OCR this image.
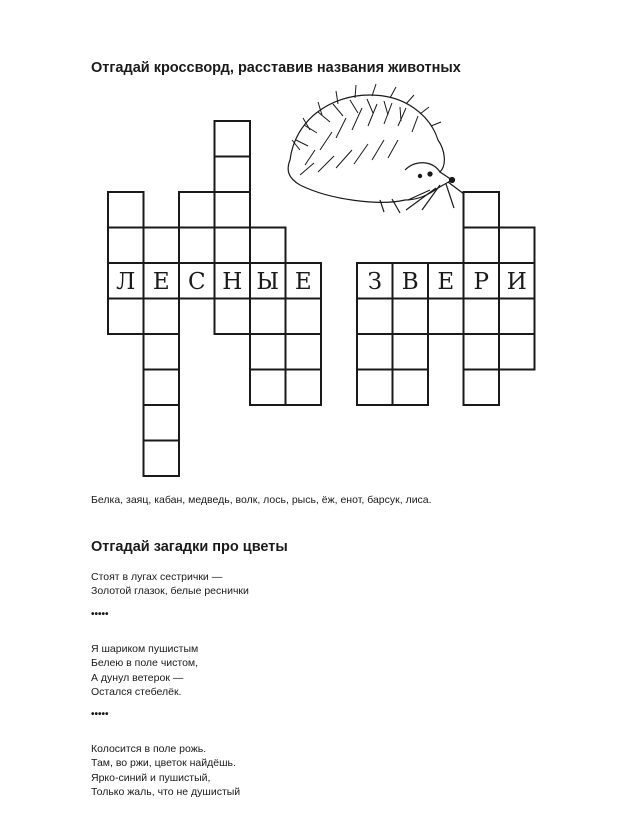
Отгадай кроссворд, расставив названия животных
Л Е С Н Ы Е З В Е Р И
Белка, заяц, кабан, медведь, волк, лось, рысь, ёж, енот, барсук, лиса.
Отгадай загадки про цветы
Стоят в лугах сестрички —
Золотой глазок, белые реснички
•••••
Я шариком пушистым
Белею в поле чистом,
А дунул ветерок —
Остался стебелёк.
•••••
Колосится в поле рожь.
Там, во ржи, цветок найдёшь.
Ярко-синий и пушистый,
Только жаль, что не душистый
